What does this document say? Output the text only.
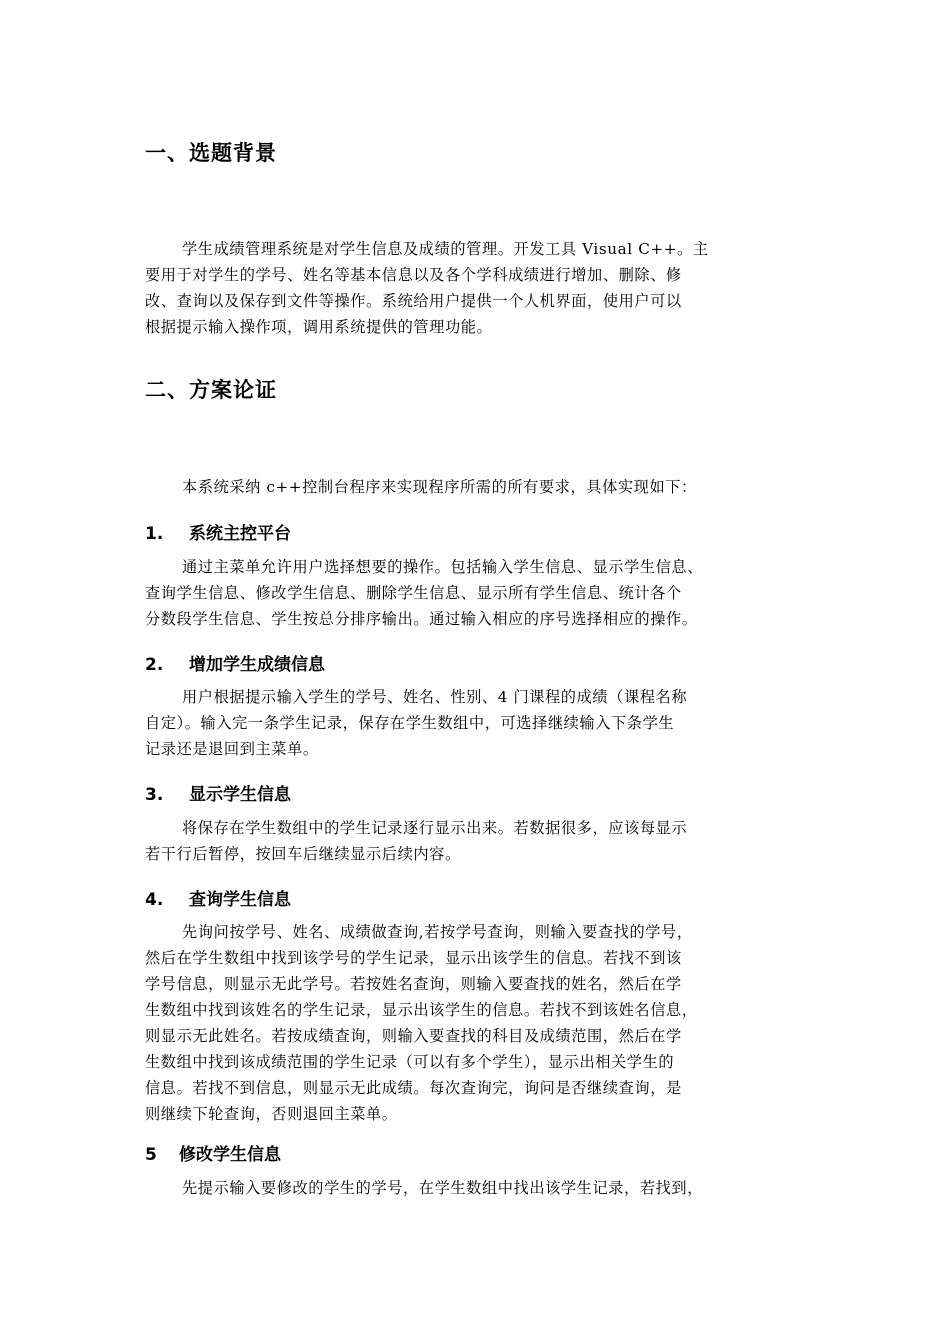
一、选题背景

学生成绩管理系统是对学生信息及成绩的管理。开发工具 Visual C++。主
要用于对学生的学号、姓名等基本信息以及各个学科成绩进行增加、删除、修
改、查询以及保存到文件等操作。系统给用户提供一个人机界面，使用户可以
根据提示输入操作项，调用系统提供的管理功能。

二、方案论证

本系统采纳 c++控制台程序来实现程序所需的所有要求，具体实现如下：

1. 系统主控平台

通过主菜单允许用户选择想要的操作。包括输入学生信息、显示学生信息、
查询学生信息、修改学生信息、删除学生信息、显示所有学生信息、统计各个
分数段学生信息、学生按总分排序输出。通过输入相应的序号选择相应的操作。

2. 增加学生成绩信息

用户根据提示输入学生的学号、姓名、性别、4 门课程的成绩（课程名称
自定）。输入完一条学生记录，保存在学生数组中，可选择继续输入下条学生
记录还是退回到主菜单。

3. 显示学生信息

将保存在学生数组中的学生记录逐行显示出来。若数据很多，应该每显示
若干行后暂停，按回车后继续显示后续内容。

4. 查询学生信息

先询问按学号、姓名、成绩做查询,若按学号查询，则输入要查找的学号，
然后在学生数组中找到该学号的学生记录，显示出该学生的信息。若找不到该
学号信息，则显示无此学号。若按姓名查询，则输入要查找的姓名，然后在学
生数组中找到该姓名的学生记录，显示出该学生的信息。若找不到该姓名信息，
则显示无此姓名。若按成绩查询，则输入要查找的科目及成绩范围，然后在学
生数组中找到该成绩范围的学生记录（可以有多个学生），显示出相关学生的
信息。若找不到信息，则显示无此成绩。每次查询完，询问是否继续查询，是
则继续下轮查询，否则退回主菜单。

5 修改学生信息

先提示输入要修改的学生的学号，在学生数组中找出该学生记录，若找到，
